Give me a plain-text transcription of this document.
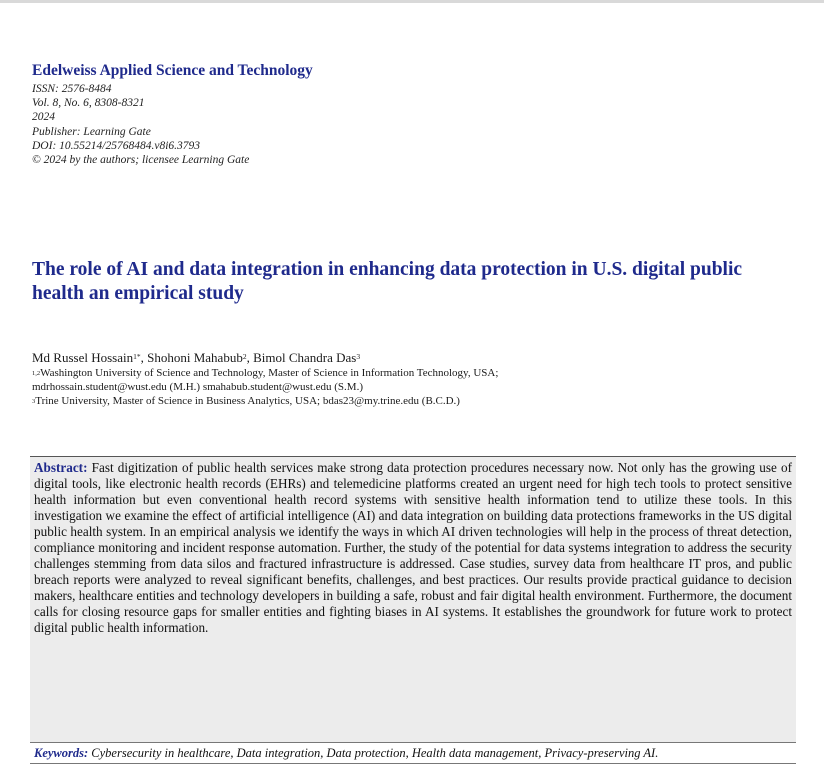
Edelweiss Applied Science and Technology
ISSN: 2576-8484
Vol. 8, No. 6, 8308-8321
2024
Publisher: Learning Gate
DOI: 10.55214/25768484.v8i6.3793
© 2024 by the authors; licensee Learning Gate
The role of AI and data integration in enhancing data protection in U.S. digital public health an empirical study
Md Russel Hossain$^{1*}$, Shohoni Mahabub$^2$, Bimol Chandra Das$^3$
$^{1,2}$Washington University of Science and Technology, Master of Science in Information Technology, USA;
mdrhossain.student@wust.edu (M.H.) smahabub.student@wust.edu (S.M.)
$^3$Trine University, Master of Science in Business Analytics, USA; bdas23@my.trine.edu (B.C.D.)

Abstract: Fast digitization of public health services make strong data protection procedures necessary now. Not only has the growing use of digital tools, like electronic health records (EHRs) and telemedicine platforms created an urgent need for high tech tools to protect sensitive health information but even conventional health record systems with sensitive health information tend to utilize these tools. In this investigation we examine the effect of artificial intelligence (AI) and data integration on building data protections frameworks in the US digital public health system. In an empirical analysis we identify the ways in which AI driven technologies will help in the process of threat detection, compliance monitoring and incident response automation. Further, the study of the potential for data systems integration to address the security challenges stemming from data silos and fractured infrastructure is addressed. Case studies, survey data from healthcare IT pros, and public breach reports were analyzed to reveal significant benefits, challenges, and best practices. Our results provide practical guidance to decision makers, healthcare entities and technology developers in building a safe, robust and fair digital health environment. Furthermore, the document calls for closing resource gaps for smaller entities and fighting biases in AI systems. It establishes the groundwork for future work to protect digital public health information.

Keywords: Cybersecurity in healthcare, Data integration, Data protection, Health data management, Privacy-preserving AI.
